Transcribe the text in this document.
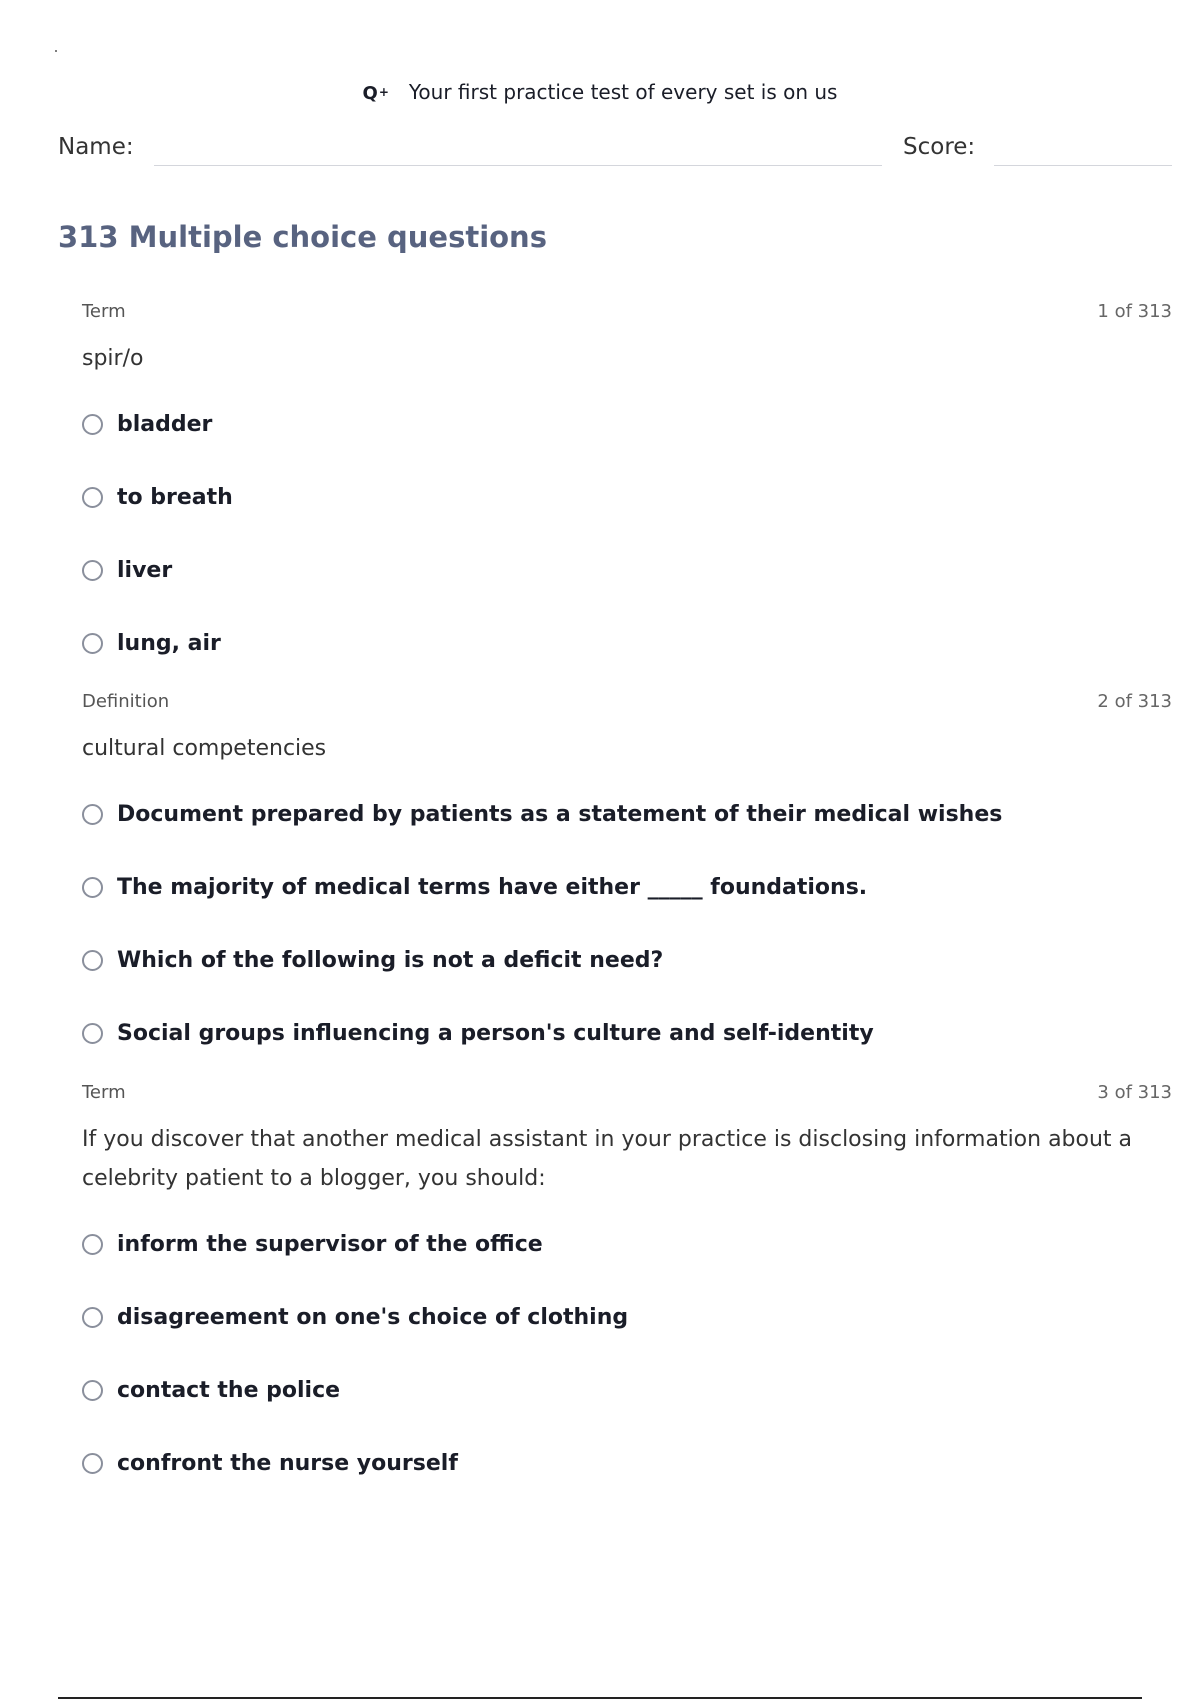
Q+ Your first practice test of every set is on us
Name:	Score:
313 Multiple choice questions
Term	1 of 313
spir/o
bladder
to breath
liver
lung, air
Definition	2 of 313
cultural competencies
Document prepared by patients as a statement of their medical wishes
The majority of medical terms have either _____ foundations.
Which of the following is not a deficit need?
Social groups influencing a person's culture and self-identity
Term	3 of 313
If you discover that another medical assistant in your practice is disclosing information about a celebrity patient to a blogger, you should:
inform the supervisor of the office
disagreement on one's choice of clothing
contact the police
confront the nurse yourself
